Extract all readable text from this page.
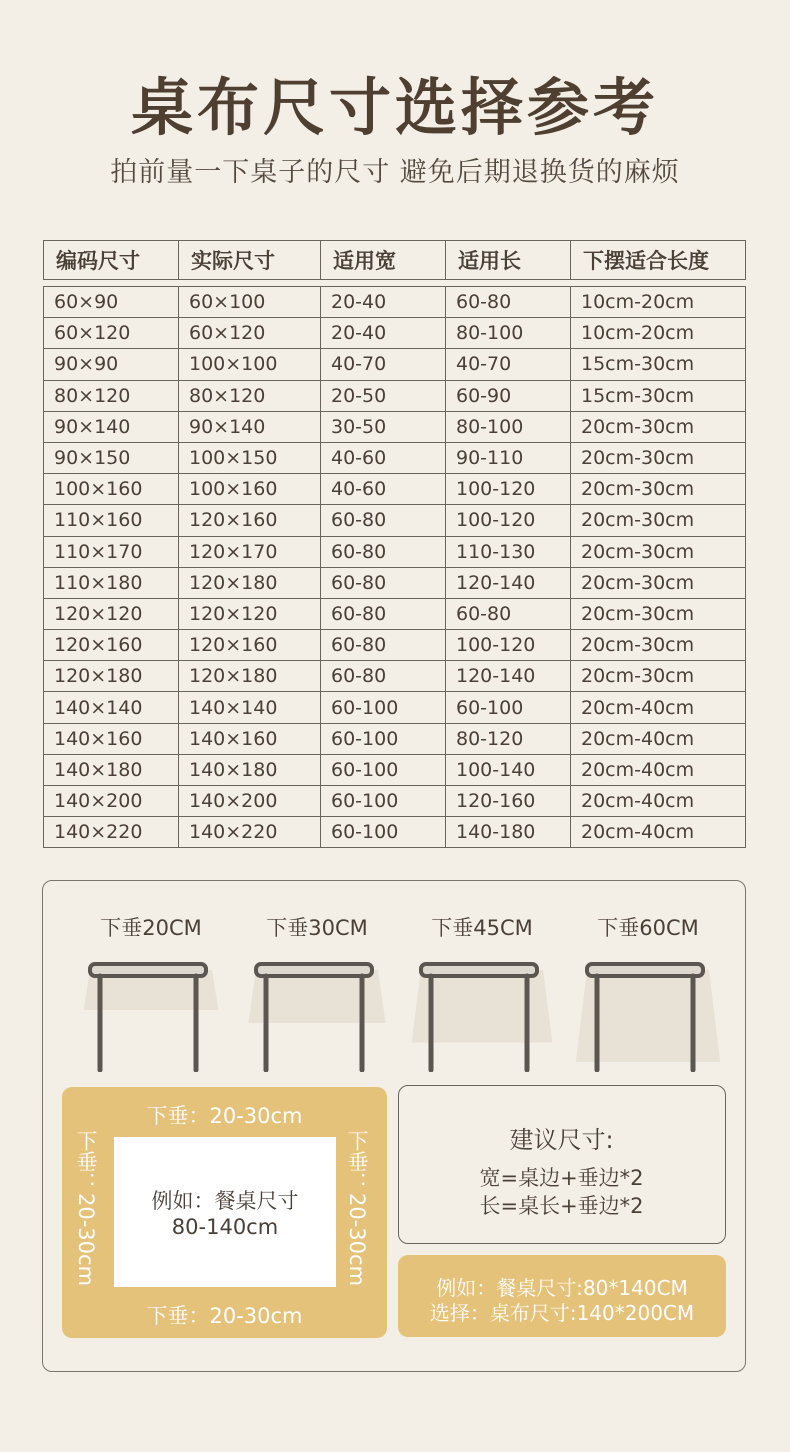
桌布尺寸选择参考
拍前量一下桌子的尺寸 避免后期退换货的麻烦
编码尺寸	实际尺寸	适用宽	适用长	下摆适合长度

60×90	60×100	20-40	60-80	10cm-20cm
60×120	60×120	20-40	80-100	10cm-20cm
90×90	100×100	40-70	40-70	15cm-30cm
80×120	80×120	20-50	60-90	15cm-30cm
90×140	90×140	30-50	80-100	20cm-30cm
90×150	100×150	40-60	90-110	20cm-30cm
100×160	100×160	40-60	100-120	20cm-30cm
110×160	120×160	60-80	100-120	20cm-30cm
110×170	120×170	60-80	110-130	20cm-30cm
110×180	120×180	60-80	120-140	20cm-30cm
120×120	120×120	60-80	60-80	20cm-30cm
120×160	120×160	60-80	100-120	20cm-30cm
120×180	120×180	60-80	120-140	20cm-30cm
140×140	140×140	60-100	60-100	20cm-40cm
140×160	140×160	60-100	80-120	20cm-40cm
140×180	140×180	60-100	100-140	20cm-40cm
140×200	140×200	60-100	120-160	20cm-40cm
140×220	140×220	60-100	140-180	20cm-40cm
下垂20CM	下垂30CM	下垂45CM	下垂60CM
下垂：20-30cm
下垂：20-30cm
下垂：20-30cm	下垂：20-30cm
例如：餐桌尺寸
80-140cm
建议尺寸:
宽=桌边+垂边*2
长=桌长+垂边*2
例如：餐桌尺寸:80*140CM
选择：桌布尺寸:140*200CM
